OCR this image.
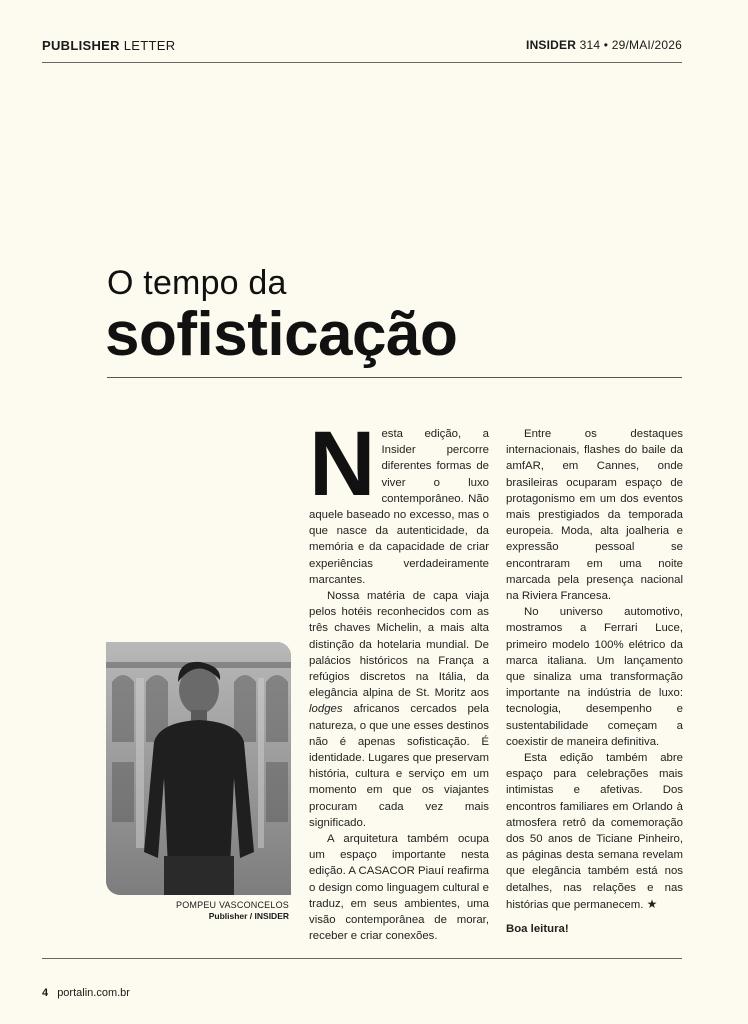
PUBLISHER LETTER	INSIDER 314 • 29/MAI/2026
O tempo da
sofisticação
POMPEU VASCONCELOS
Publisher / INSIDER
N esta edição, a Insider percorre diferentes formas de viver o luxo contemporâneo. Não aquele baseado no excesso, mas o que nasce da autenticidade, da memória e da capacidade de criar experiências verdadeiramente marcantes.

Nossa matéria de capa viaja pelos hotéis reconhecidos com as três chaves Michelin, a mais alta distinção da hotelaria mundial. De palácios históricos na França a refúgios discretos na Itália, da elegância alpina de St. Moritz aos lodges africanos cercados pela natureza, o que une esses destinos não é apenas sofisticação. É identidade. Lugares que preservam história, cultura e serviço em um momento em que os viajantes procuram cada vez mais significado.

A arquitetura também ocupa um espaço importante nesta edição. A CASACOR Piauí reafirma o design como linguagem cultural e traduz, em seus ambientes, uma visão contemporânea de morar, receber e criar conexões.

Entre os destaques internacionais, flashes do baile da amfAR, em Cannes, onde brasileiras ocuparam espaço de protagonismo em um dos eventos mais prestigiados da temporada europeia. Moda, alta joalheria e expressão pessoal se encontraram em uma noite marcada pela presença nacional na Riviera Francesa.

No universo automotivo, mostramos a Ferrari Luce, primeiro modelo 100% elétrico da marca italiana. Um lançamento que sinaliza uma transformação importante na indústria de luxo: tecnologia, desempenho e sustentabilidade começam a coexistir de maneira definitiva.

Esta edição também abre espaço para celebrações mais intimistas e afetivas. Dos encontros familiares em Orlando à atmosfera retrô da comemoração dos 50 anos de Ticiane Pinheiro, as páginas desta semana revelam que elegância também está nos detalhes, nas relações e nas histórias que permanecem. ★

Boa leitura!

4 portalin.com.br
